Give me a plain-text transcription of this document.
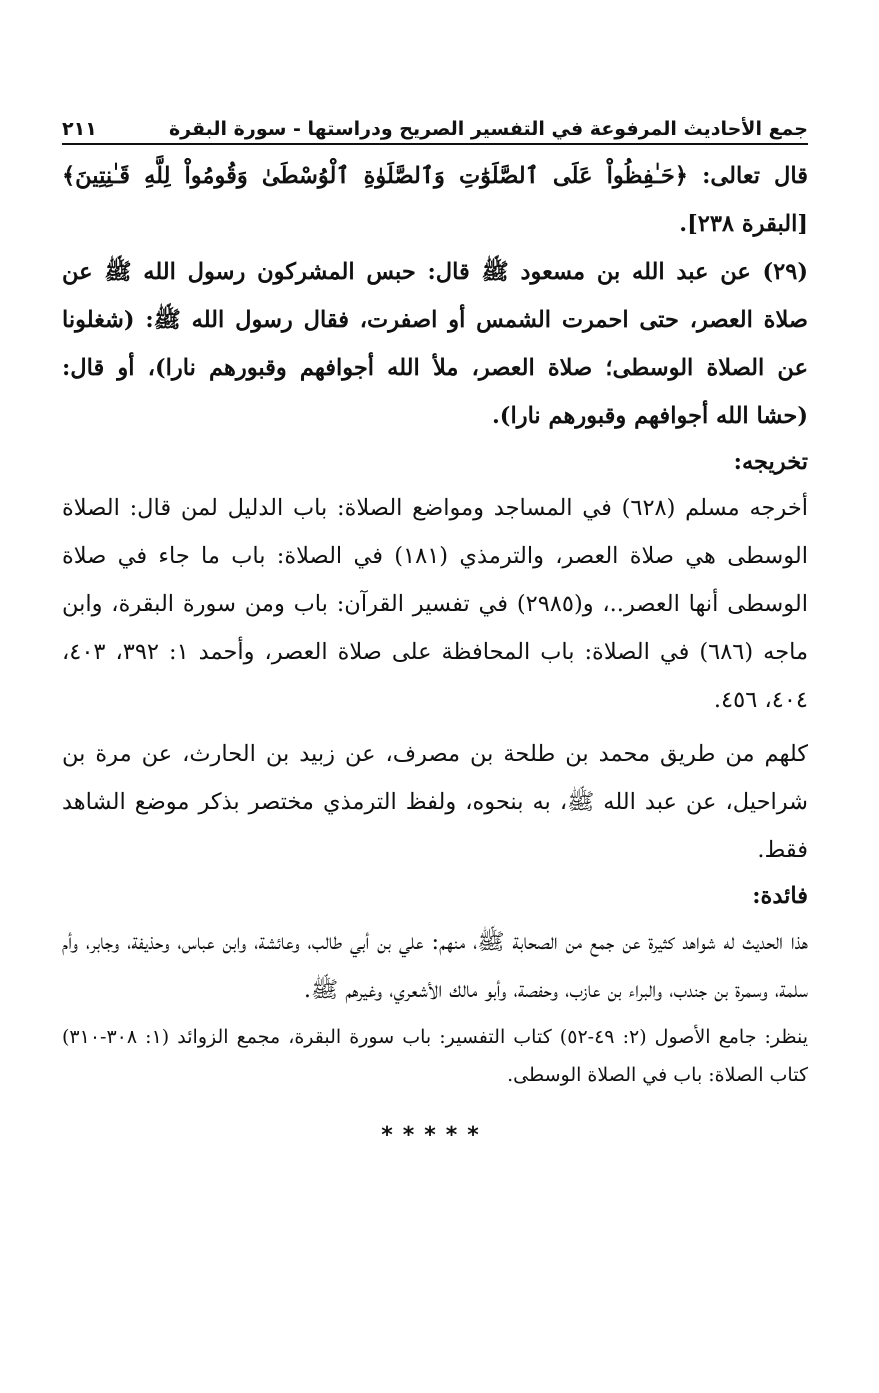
جمع الأحاديث المرفوعة في التفسير الصريح ودراستها - سورة البقرة
٢١١

قال تعالى: ﴿حَـٰفِظُواْ عَلَى ٱلصَّلَوَٰتِ وَٱلصَّلَوٰةِ ٱلْوُسْطَىٰ وَقُومُواْ لِلَّهِ قَـٰنِتِينَ﴾ [البقرة ٢٣٨].

(٢٩) عن عبد الله بن مسعود ﷺ قال: حبس المشركون رسول الله ﷺ عن صلاة العصر، حتى احمرت الشمس أو اصفرت، فقال رسول الله ﷺ: (شغلونا عن الصلاة الوسطى؛ صلاة العصر، ملأ الله أجوافهم وقبورهم نارا)، أو قال: (حشا الله أجوافهم وقبورهم نارا).

تخريجه:

أخرجه مسلم (٦٢٨) في المساجد ومواضع الصلاة: باب الدليل لمن قال: الصلاة الوسطى هي صلاة العصر، والترمذي (١٨١) في الصلاة: باب ما جاء في صلاة الوسطى أنها العصر..، و(٢٩٨٥) في تفسير القرآن: باب ومن سورة البقرة، وابن ماجه (٦٨٦) في الصلاة: باب المحافظة على صلاة العصر، وأحمد ١: ٣٩٢، ٤٠٣، ٤٠٤، ٤٥٦.

كلهم من طريق محمد بن طلحة بن مصرف، عن زبيد بن الحارث، عن مرة بن شراحيل، عن عبد الله ﷺ، به بنحوه، ولفظ الترمذي مختصر بذكر موضع الشاهد فقط.

فائدة:

هذا الحديث له شواهد كثيرة عن جمع من الصحابة ﷺ، منهم: علي بن أبي طالب، وعائشة، وابن عباس، وحذيفة، وجابر، وأم سلمة، وسمرة بن جندب، والبراء بن عازب، وحفصة، وأبو مالك الأشعري، وغيرهم ﷺ.

ينظر: جامع الأصول (٢: ٤٩-٥٢) كتاب التفسير: باب سورة البقرة، مجمع الزوائد (١: ٣٠٨-٣١٠) كتاب الصلاة: باب في الصلاة الوسطى.

*****
